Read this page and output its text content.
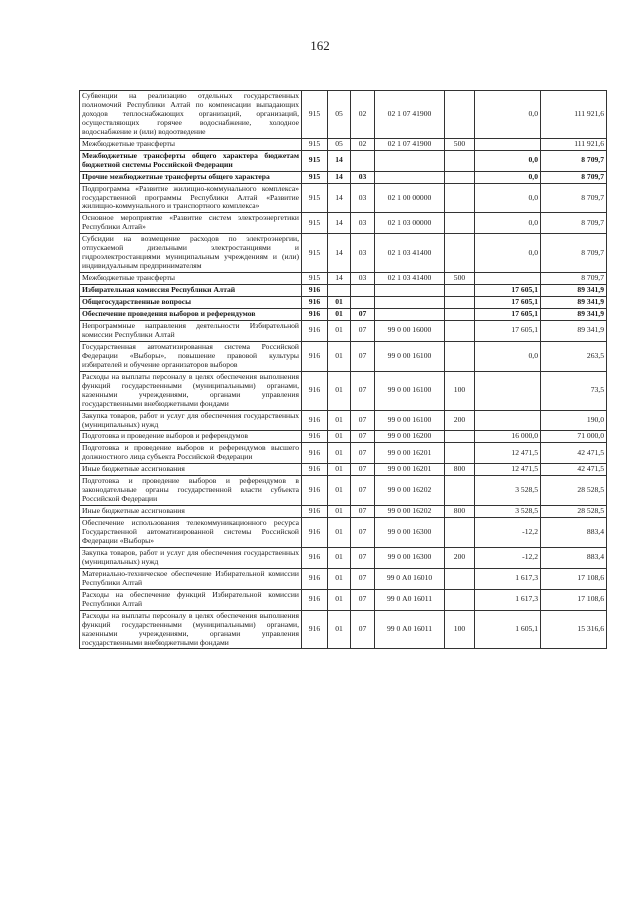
162
Субвенции на реализацию отдельных государственных полномочий Республики Алтай по компенсации выпадающих доходов теплоснабжающих организаций, организаций, осуществляющих горячее водоснабжение, холодное водоснабжение и (или) водоотведение	915	05	02	02 1 07 41900		0,0	111 921,6
Межбюджетные трансферты	915	05	02	02 1 07 41900	500		111 921,6
Межбюджетные трансферты общего характера бюджетам бюджетной системы Российской Федерации	915	14				0,0	8 709,7
Прочие межбюджетные трансферты общего характера	915	14	03			0,0	8 709,7
Подпрограмма «Развитие жилищно-коммунального комплекса» государственной программы Республики Алтай «Развитие жилищно-коммунального и транспортного комплекса»	915	14	03	02 1 00 00000		0,0	8 709,7
Основное мероприятие «Развитие систем электроэнергетики Республики Алтай»	915	14	03	02 1 03 00000		0,0	8 709,7
Субсидии на возмещение расходов по электроэнергии, отпускаемой дизельными электростанциями и гидроэлектростанциями муниципальным учреждениям и (или) индивидуальным предпринимателям	915	14	03	02 1 03 41400		0,0	8 709,7
Межбюджетные трансферты	915	14	03	02 1 03 41400	500		8 709,7
Избирательная комиссия Республики Алтай	916					17 605,1	89 341,9
Общегосударственные вопросы	916	01				17 605,1	89 341,9
Обеспечение проведения выборов и референдумов	916	01	07			17 605,1	89 341,9
Непрограммные направления деятельности Избирательной комиссии Республики Алтай	916	01	07	99 0 00 16000		17 605,1	89 341,9
Государственная автоматизированная система Российской Федерации «Выборы», повышение правовой культуры избирателей и обучение организаторов выборов	916	01	07	99 0 00 16100		0,0	263,5
Расходы на выплаты персоналу в целях обеспечения выполнения функций государственными (муниципальными) органами, казенными учреждениями, органами управления государственными внебюджетными фондами	916	01	07	99 0 00 16100	100		73,5
Закупка товаров, работ и услуг для обеспечения государственных (муниципальных) нужд	916	01	07	99 0 00 16100	200		190,0
Подготовка и проведение выборов и референдумов	916	01	07	99 0 00 16200		16 000,0	71 000,0
Подготовка и проведение выборов и референдумов высшего должностного лица субъекта Российской Федерации	916	01	07	99 0 00 16201		12 471,5	42 471,5
Иные бюджетные ассигнования	916	01	07	99 0 00 16201	800	12 471,5	42 471,5
Подготовка и проведение выборов и референдумов в законодательные органы государственной власти субъекта Российской Федерации	916	01	07	99 0 00 16202		3 528,5	28 528,5
Иные бюджетные ассигнования	916	01	07	99 0 00 16202	800	3 528,5	28 528,5
Обеспечение использования телекоммуникационного ресурса Государственной автоматизированной системы Российской Федерации «Выборы»	916	01	07	99 0 00 16300		-12,2	883,4
Закупка товаров, работ и услуг для обеспечения государственных (муниципальных) нужд	916	01	07	99 0 00 16300	200	-12,2	883,4
Материально-техническое обеспечение Избирательной комиссии Республики Алтай	916	01	07	99 0 А0 16010		1 617,3	17 108,6
Расходы на обеспечение функций Избирательной комиссии Республики Алтай	916	01	07	99 0 А0 16011		1 617,3	17 108,6
Расходы на выплаты персоналу в целях обеспечения выполнения функций государственными (муниципальными) органами, казенными учреждениями, органами управления государственными внебюджетными фондами	916	01	07	99 0 А0 16011	100	1 605,1	15 316,6
